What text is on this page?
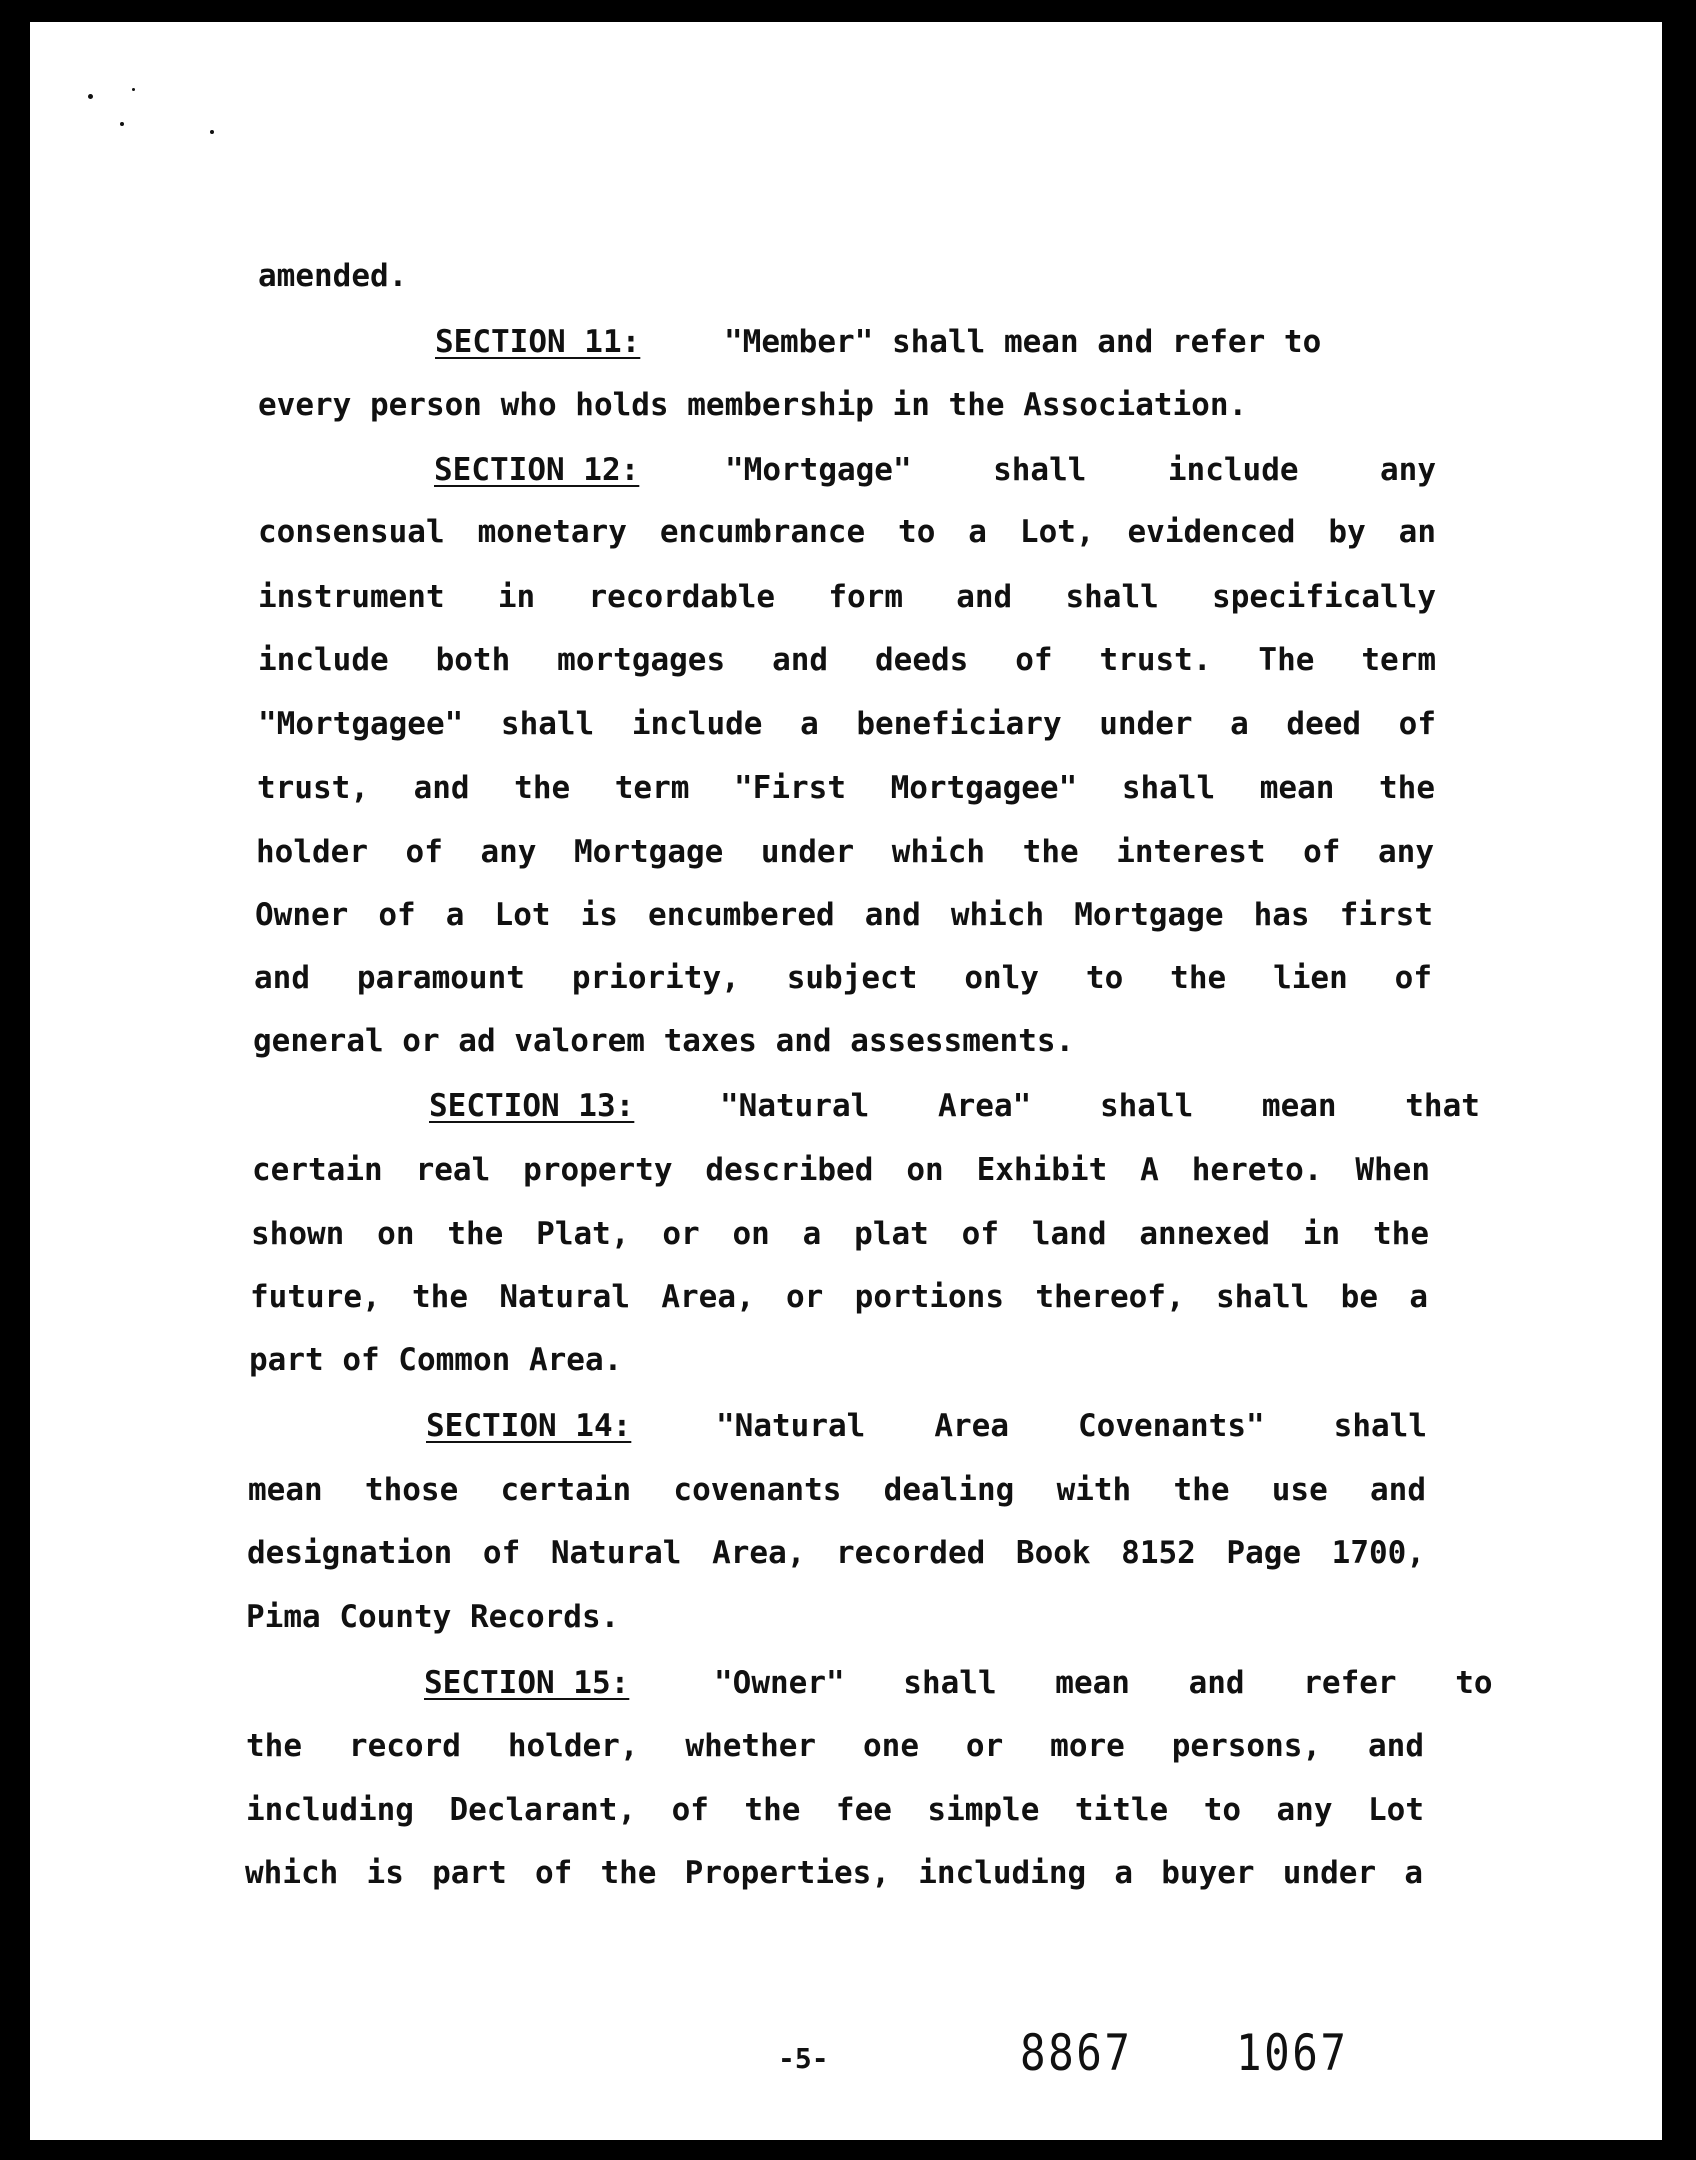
amended.
SECTION 11:	"Member" shall mean and refer to
every person who holds membership in the Association.
SECTION 12:	"Mortgage" shall include any
consensual monetary encumbrance to a Lot, evidenced by an
instrument in recordable form and shall specifically
include both mortgages and deeds of trust. The term
"Mortgagee" shall include a beneficiary under a deed of
trust, and the term "First Mortgagee" shall mean the
holder of any Mortgage under which the interest of any
Owner of a Lot is encumbered and which Mortgage has first
and paramount priority, subject only to the lien of
general or ad valorem taxes and assessments.
SECTION 13:	"Natural Area" shall mean that
certain real property described on Exhibit A hereto. When
shown on the Plat, or on a plat of land annexed in the
future, the Natural Area, or portions thereof, shall be a
part of Common Area.
SECTION 14:	"Natural Area Covenants" shall
mean those certain covenants dealing with the use and
designation of Natural Area, recorded Book 8152 Page 1700,
Pima County Records.
SECTION 15:	"Owner" shall mean and refer to
the record holder, whether one or more persons, and
including Declarant, of the fee simple title to any Lot
which is part of the Properties, including a buyer under a
-5-	8867 1067
